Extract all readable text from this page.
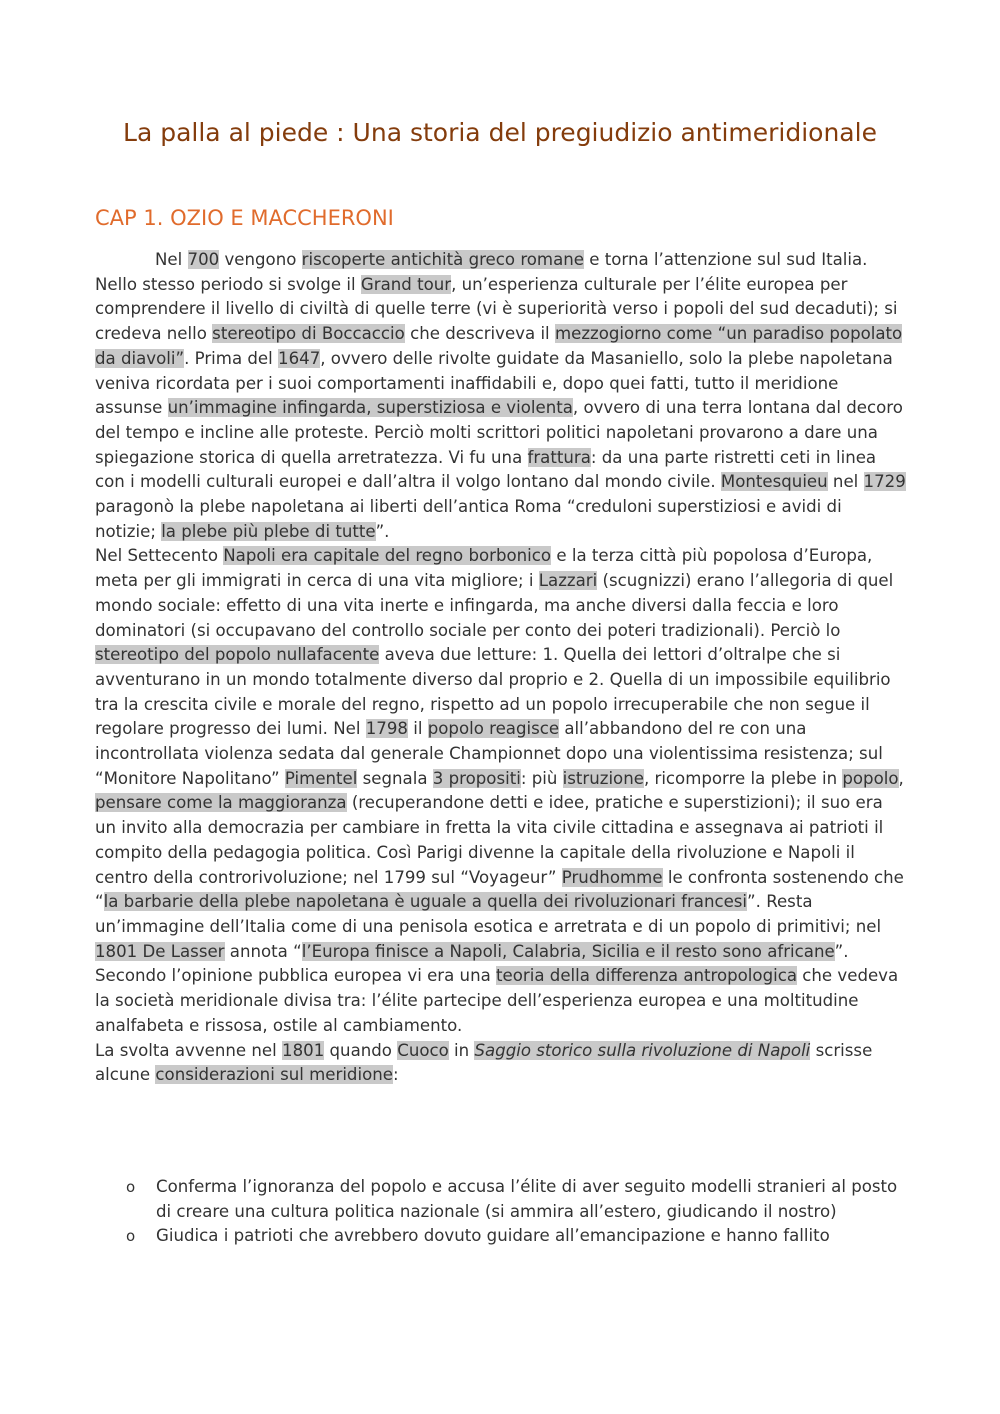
La palla al piede : Una storia del pregiudizio antimeridionale
CAP 1. OZIO E MACCHERONI

Nel 700 vengono riscoperte antichità greco romane e torna l’attenzione sul sud Italia. Nello stesso periodo si svolge il Grand tour, un’esperienza culturale per l’élite europea per comprendere il livello di civiltà di quelle terre (vi è superiorità verso i popoli del sud decaduti); si credeva nello stereotipo di Boccaccio che descriveva il mezzogiorno come “un paradiso popolato da diavoli”. Prima del 1647, ovvero delle rivolte guidate da Masaniello, solo la plebe napoletana veniva ricordata per i suoi comportamenti inaffidabili e, dopo quei fatti, tutto il meridione assunse un’immagine infingarda, superstiziosa e violenta, ovvero di una terra lontana dal decoro del tempo e incline alle proteste. Perciò molti scrittori politici napoletani provarono a dare una spiegazione storica di quella arretratezza. Vi fu una frattura: da una parte ristretti ceti in linea con i modelli culturali europei e dall’altra il volgo lontano dal mondo civile. Montesquieu nel 1729 paragonò la plebe napoletana ai liberti dell’antica Roma “creduloni superstiziosi e avidi di notizie; la plebe più plebe di tutte”.

Nel Settecento Napoli era capitale del regno borbonico e la terza città più popolosa d’Europa, meta per gli immigrati in cerca di una vita migliore; i Lazzari (scugnizzi) erano l’allegoria di quel mondo sociale: effetto di una vita inerte e infingarda, ma anche diversi dalla feccia e loro dominatori (si occupavano del controllo sociale per conto dei poteri tradizionali). Perciò lo stereotipo del popolo nullafacente aveva due letture: 1. Quella dei lettori d’oltralpe che si avventurano in un mondo totalmente diverso dal proprio e 2. Quella di un impossibile equilibrio tra la crescita civile e morale del regno, rispetto ad un popolo irrecuperabile che non segue il regolare progresso dei lumi. Nel 1798 il popolo reagisce all’abbandono del re con una incontrollata violenza sedata dal generale Championnet dopo una violentissima resistenza; sul “Monitore Napolitano” Pimentel segnala 3 propositi: più istruzione, ricomporre la plebe in popolo, pensare come la maggioranza (recuperandone detti e idee, pratiche e superstizioni); il suo era un invito alla democrazia per cambiare in fretta la vita civile cittadina e assegnava ai patrioti il compito della pedagogia politica. Così Parigi divenne la capitale della rivoluzione e Napoli il centro della controrivoluzione; nel 1799 sul “Voyageur” Prudhomme le confronta sostenendo che “la barbarie della plebe napoletana è uguale a quella dei rivoluzionari francesi”. Resta un’immagine dell’Italia come di una penisola esotica e arretrata e di un popolo di primitivi; nel 1801 De Lasser annota “l’Europa finisce a Napoli, Calabria, Sicilia e il resto sono africane”.       Secondo l’opinione pubblica europea vi era una teoria della differenza antropologica che vedeva la società meridionale divisa tra: l’élite partecipe dell’esperienza europea e una moltitudine analfabeta e rissosa, ostile al cambiamento.

La svolta avvenne nel 1801 quando Cuoco in Saggio storico sulla rivoluzione di Napoli scrisse alcune considerazioni sul meridione:

o Conferma l’ignoranza del popolo e accusa l’élite di aver seguito modelli stranieri al posto di creare una cultura politica nazionale (si ammira all’estero, giudicando il nostro)
o Giudica i patrioti che avrebbero dovuto guidare all’emancipazione e hanno fallito
